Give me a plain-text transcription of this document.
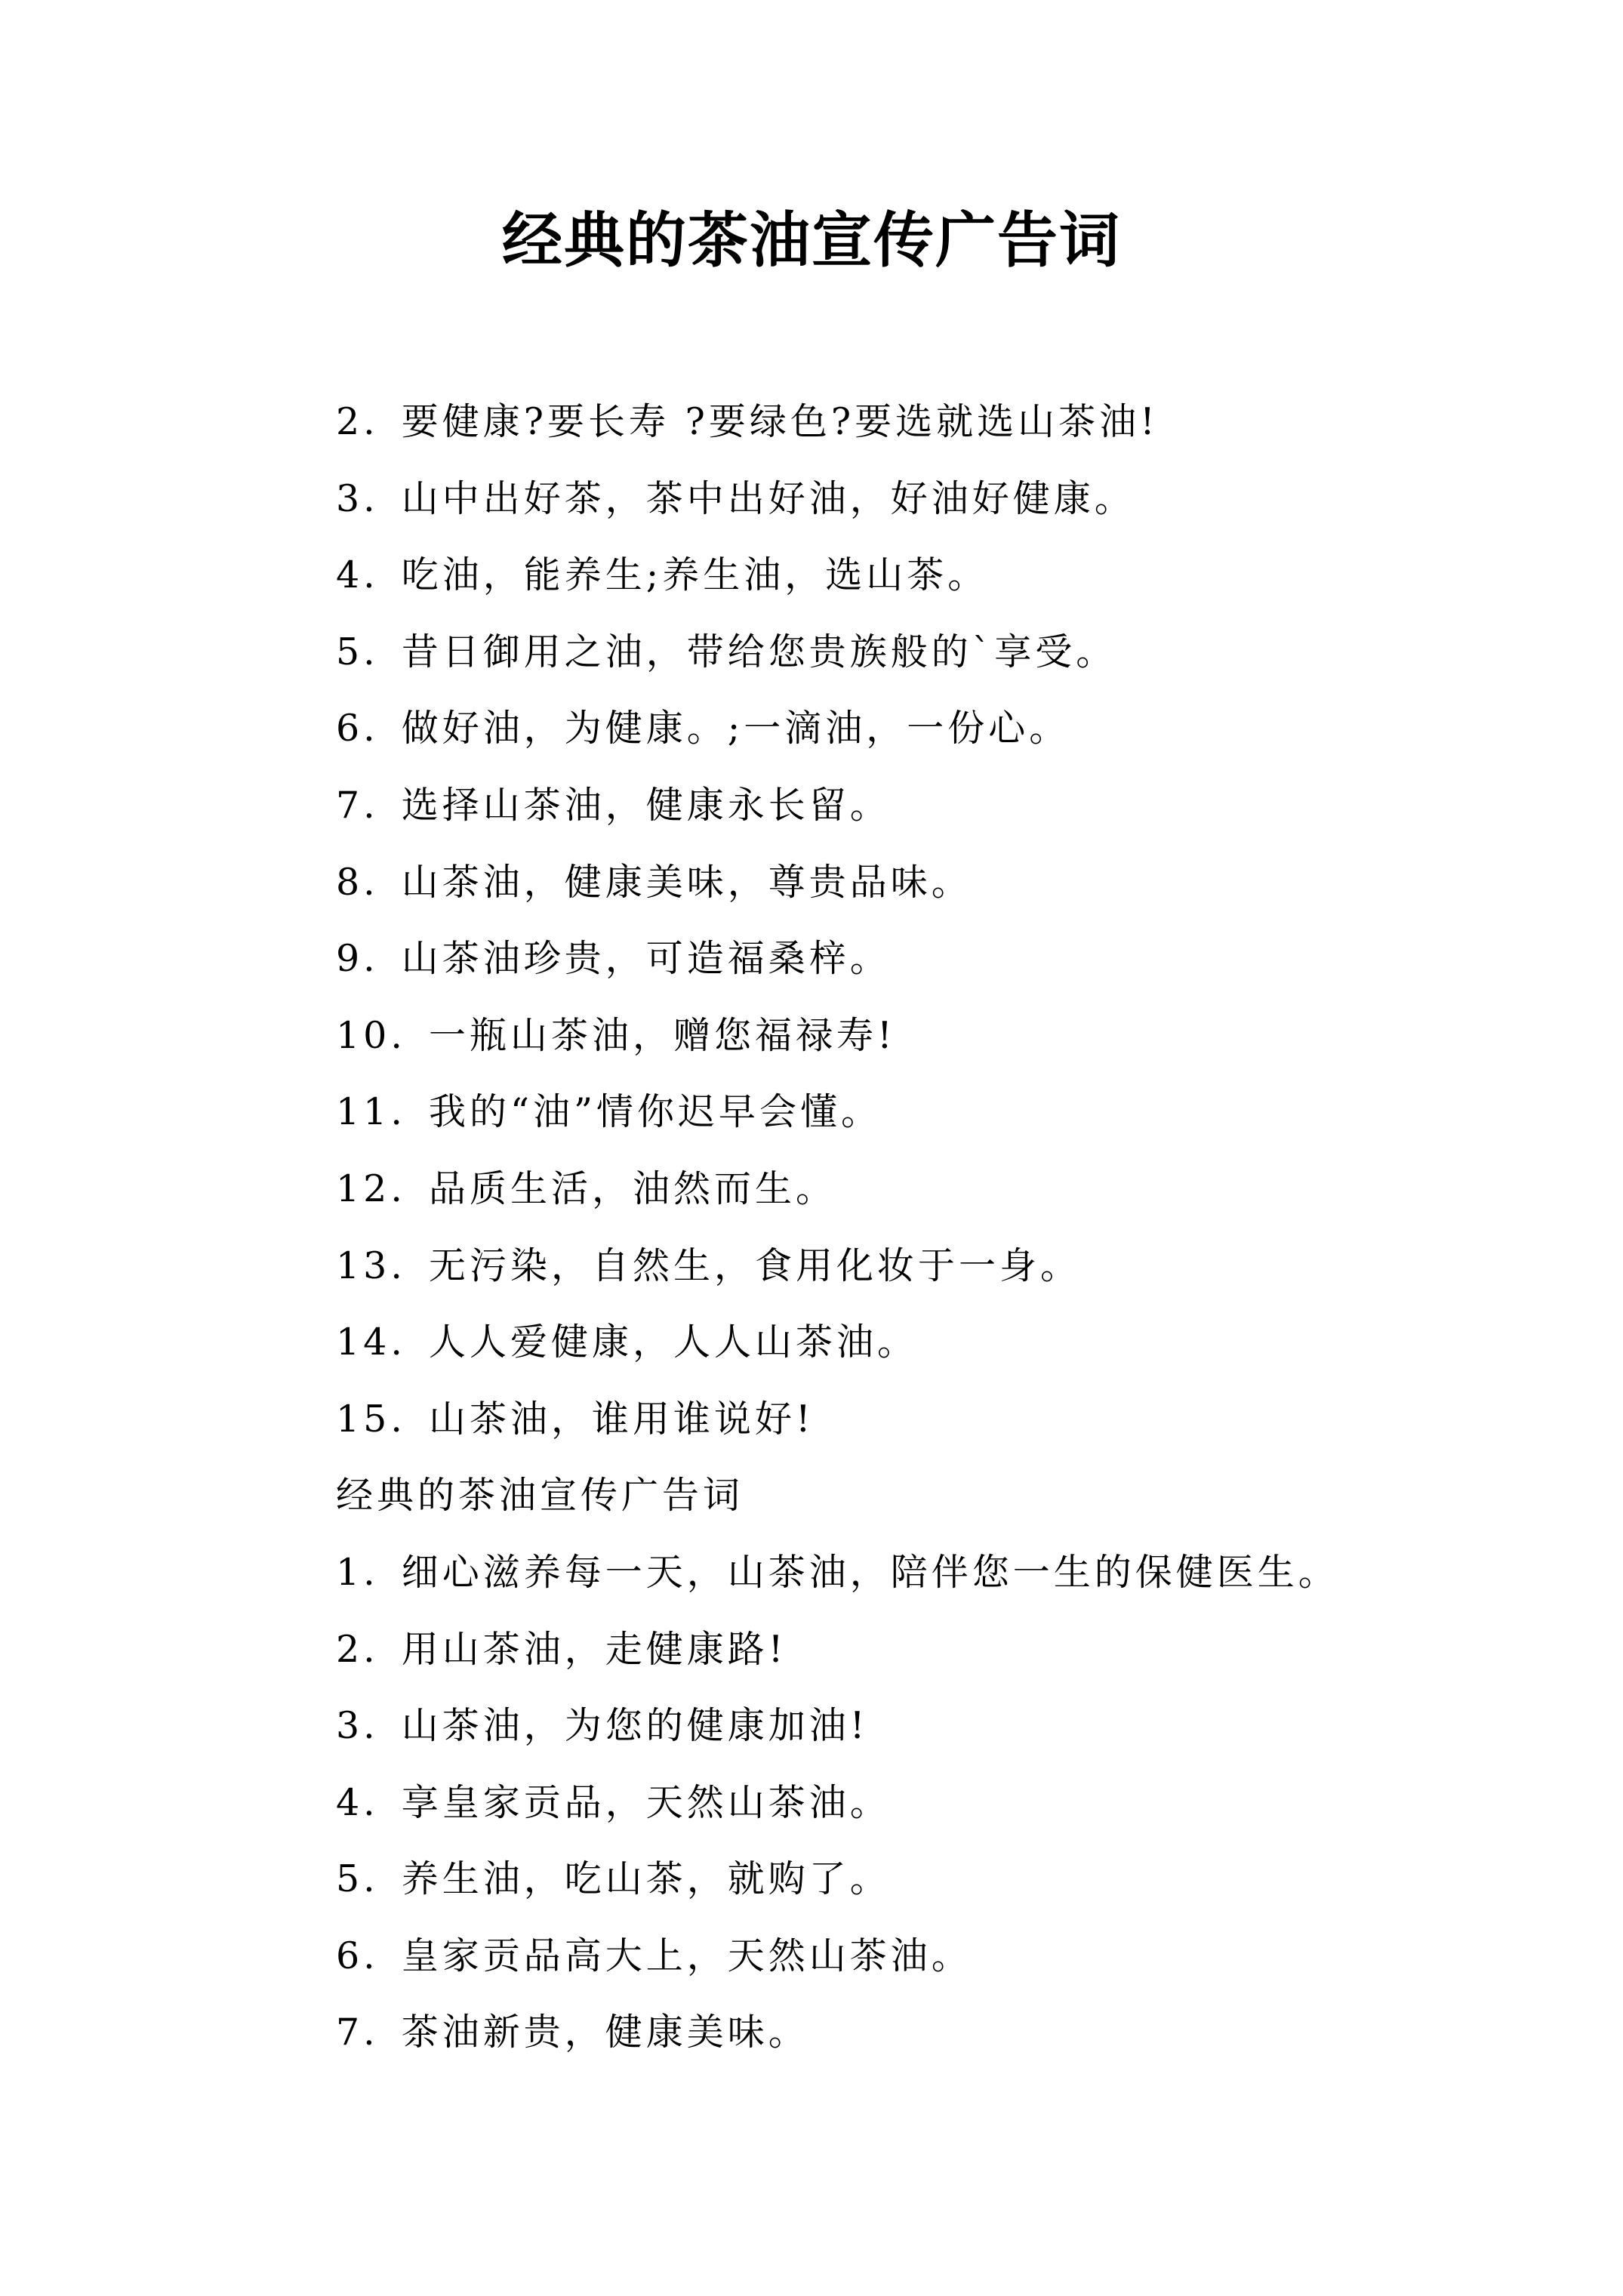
经典的茶油宣传广告词
2. 要健康?要长寿 ?要绿色?要选就选山茶油!
3. 山中出好茶，茶中出好油，好油好健康。
4. 吃油，能养生;养生油，选山茶。
5. 昔日御用之油，带给您贵族般的`享受。
6. 做好油，为健康。;一滴油，一份心。
7. 选择山茶油，健康永长留。
8. 山茶油，健康美味，尊贵品味。
9. 山茶油珍贵，可造福桑梓。
10. 一瓶山茶油，赠您福禄寿!
11. 我的“油”情你迟早会懂。
12. 品质生活，油然而生。
13. 无污染，自然生，食用化妆于一身。
14. 人人爱健康，人人山茶油。
15. 山茶油，谁用谁说好!
经典的茶油宣传广告词
1. 细心滋养每一天，山茶油，陪伴您一生的保健医生。
2. 用山茶油，走健康路!
3. 山茶油，为您的健康加油!
4. 享皇家贡品，天然山茶油。
5. 养生油，吃山茶，就购了。
6. 皇家贡品高大上，天然山茶油。
7. 茶油新贵，健康美味。
